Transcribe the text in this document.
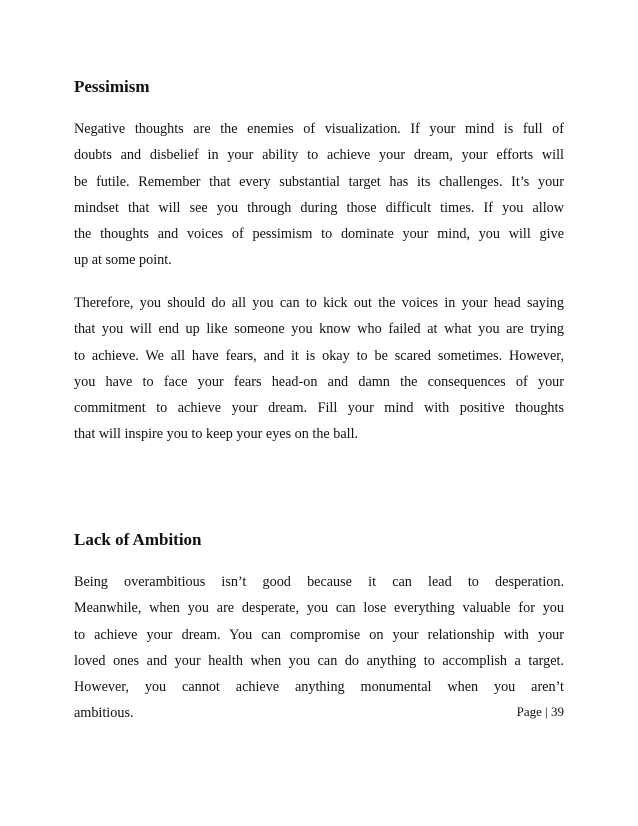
Pessimism

Negative thoughts are the enemies of visualization. If your mind is full of
doubts and disbelief in your ability to achieve your dream, your efforts will
be futile. Remember that every substantial target has its challenges. It’s your
mindset that will see you through during those difficult times. If you allow
the thoughts and voices of pessimism to dominate your mind, you will give
up at some point.

Therefore, you should do all you can to kick out the voices in your head saying
that you will end up like someone you know who failed at what you are trying
to achieve. We all have fears, and it is okay to be scared sometimes. However,
you have to face your fears head-on and damn the consequences of your
commitment to achieve your dream. Fill your mind with positive thoughts
that will inspire you to keep your eyes on the ball.

Lack of Ambition

Being overambitious isn’t good because it can lead to desperation.
Meanwhile, when you are desperate, you can lose everything valuable for you
to achieve your dream. You can compromise on your relationship with your
loved ones and your health when you can do anything to accomplish a target.
However, you cannot achieve anything monumental when you aren’t
ambitious.	Page | 39
